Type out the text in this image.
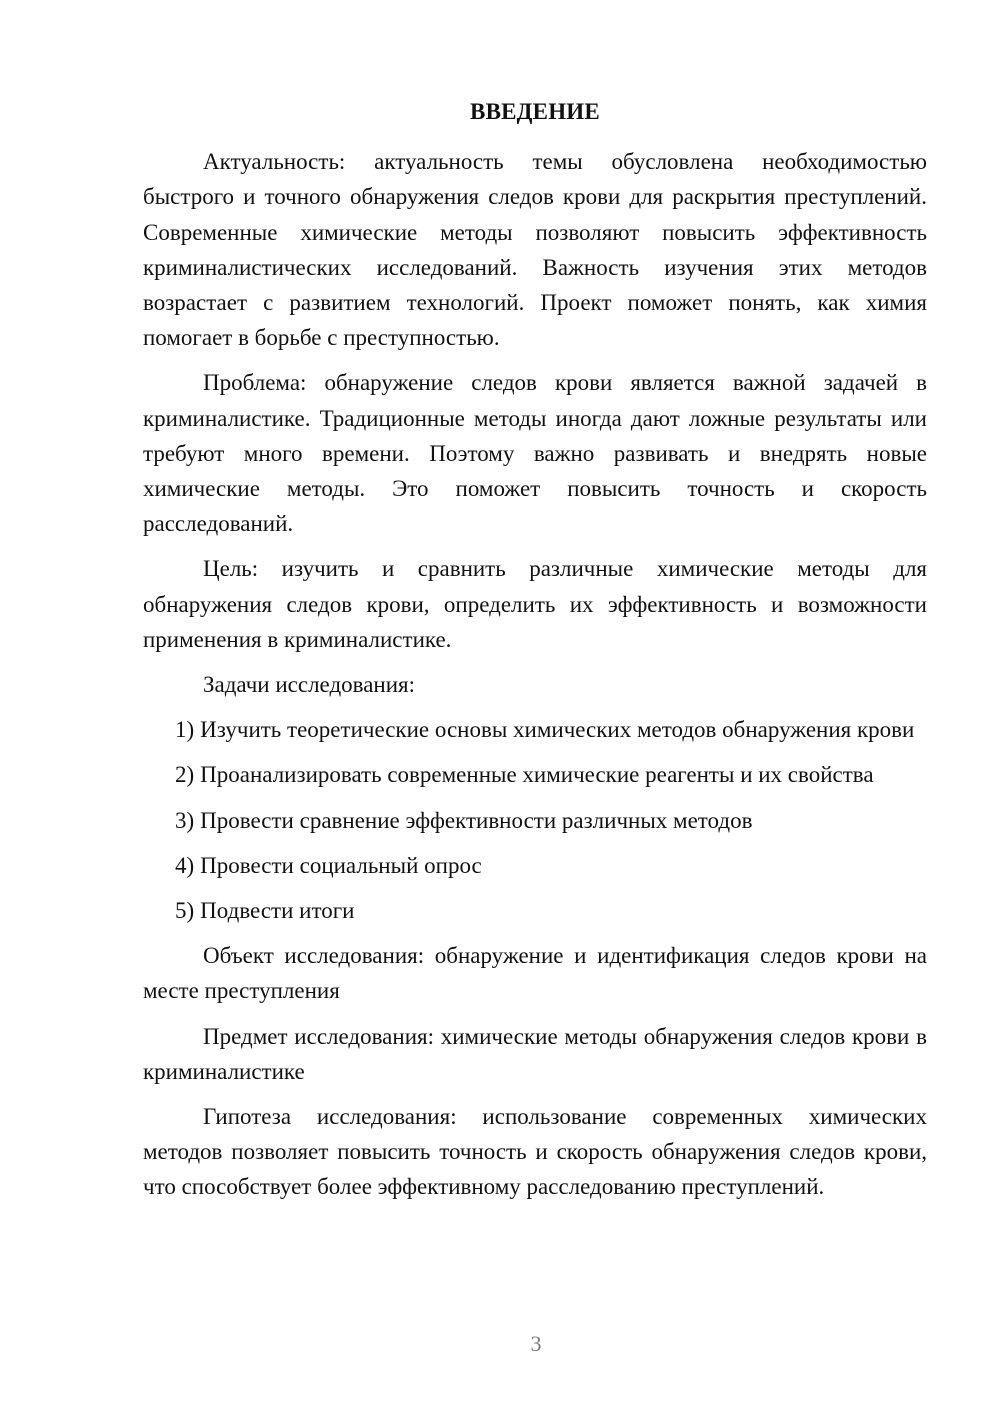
ВВЕДЕНИЕ

Актуальность: актуальность темы обусловлена необходимостью быстрого и точного обнаружения следов крови для раскрытия преступлений. Современные химические методы позволяют повысить эффективность криминалистических исследований. Важность изучения этих методов возрастает с развитием технологий. Проект поможет понять, как химия помогает в борьбе с преступностью.

Проблема: обнаружение следов крови является важной задачей в криминалистике. Традиционные методы иногда дают ложные результаты или требуют много времени. Поэтому важно развивать и внедрять новые химические методы. Это поможет повысить точность и скорость расследований.

Цель: изучить и сравнить различные химические методы для обнаружения следов крови, определить их эффективность и возможности применения в криминалистике.

Задачи исследования:

1) Изучить теоретические основы химических методов обнаружения крови

2) Проанализировать современные химические реагенты и их свойства

3) Провести сравнение эффективности различных методов

4) Провести социальный опрос

5) Подвести итоги

Объект исследования: обнаружение и идентификация следов крови на месте преступления

Предмет исследования: химические методы обнаружения следов крови в криминалистике

Гипотеза исследования: использование современных химических методов позволяет повысить точность и скорость обнаружения следов крови, что способствует более эффективному расследованию преступлений.

3
